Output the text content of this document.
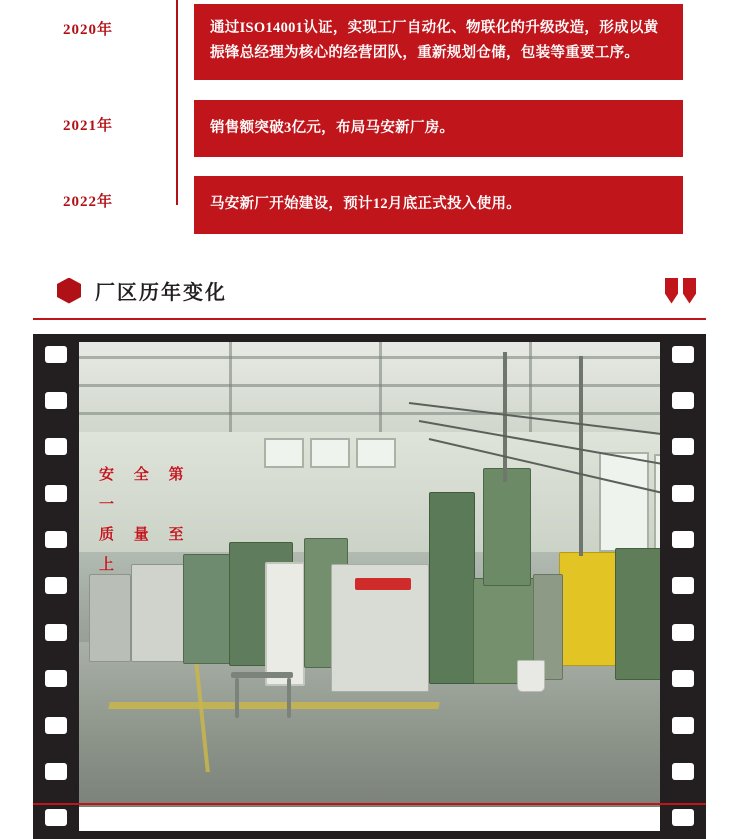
2020年	通过ISO14001认证，实现工厂自动化、物联化的升级改造，形成以黄振锋总经理为核心的经营团队，重新规划仓储，包装等重要工序。
2021年	销售额突破3亿元，布局马安新厂房。
2022年	马安新厂开始建设，预计12月底正式投入使用。
厂区历年变化
安 全 第 一
质 量 至 上
